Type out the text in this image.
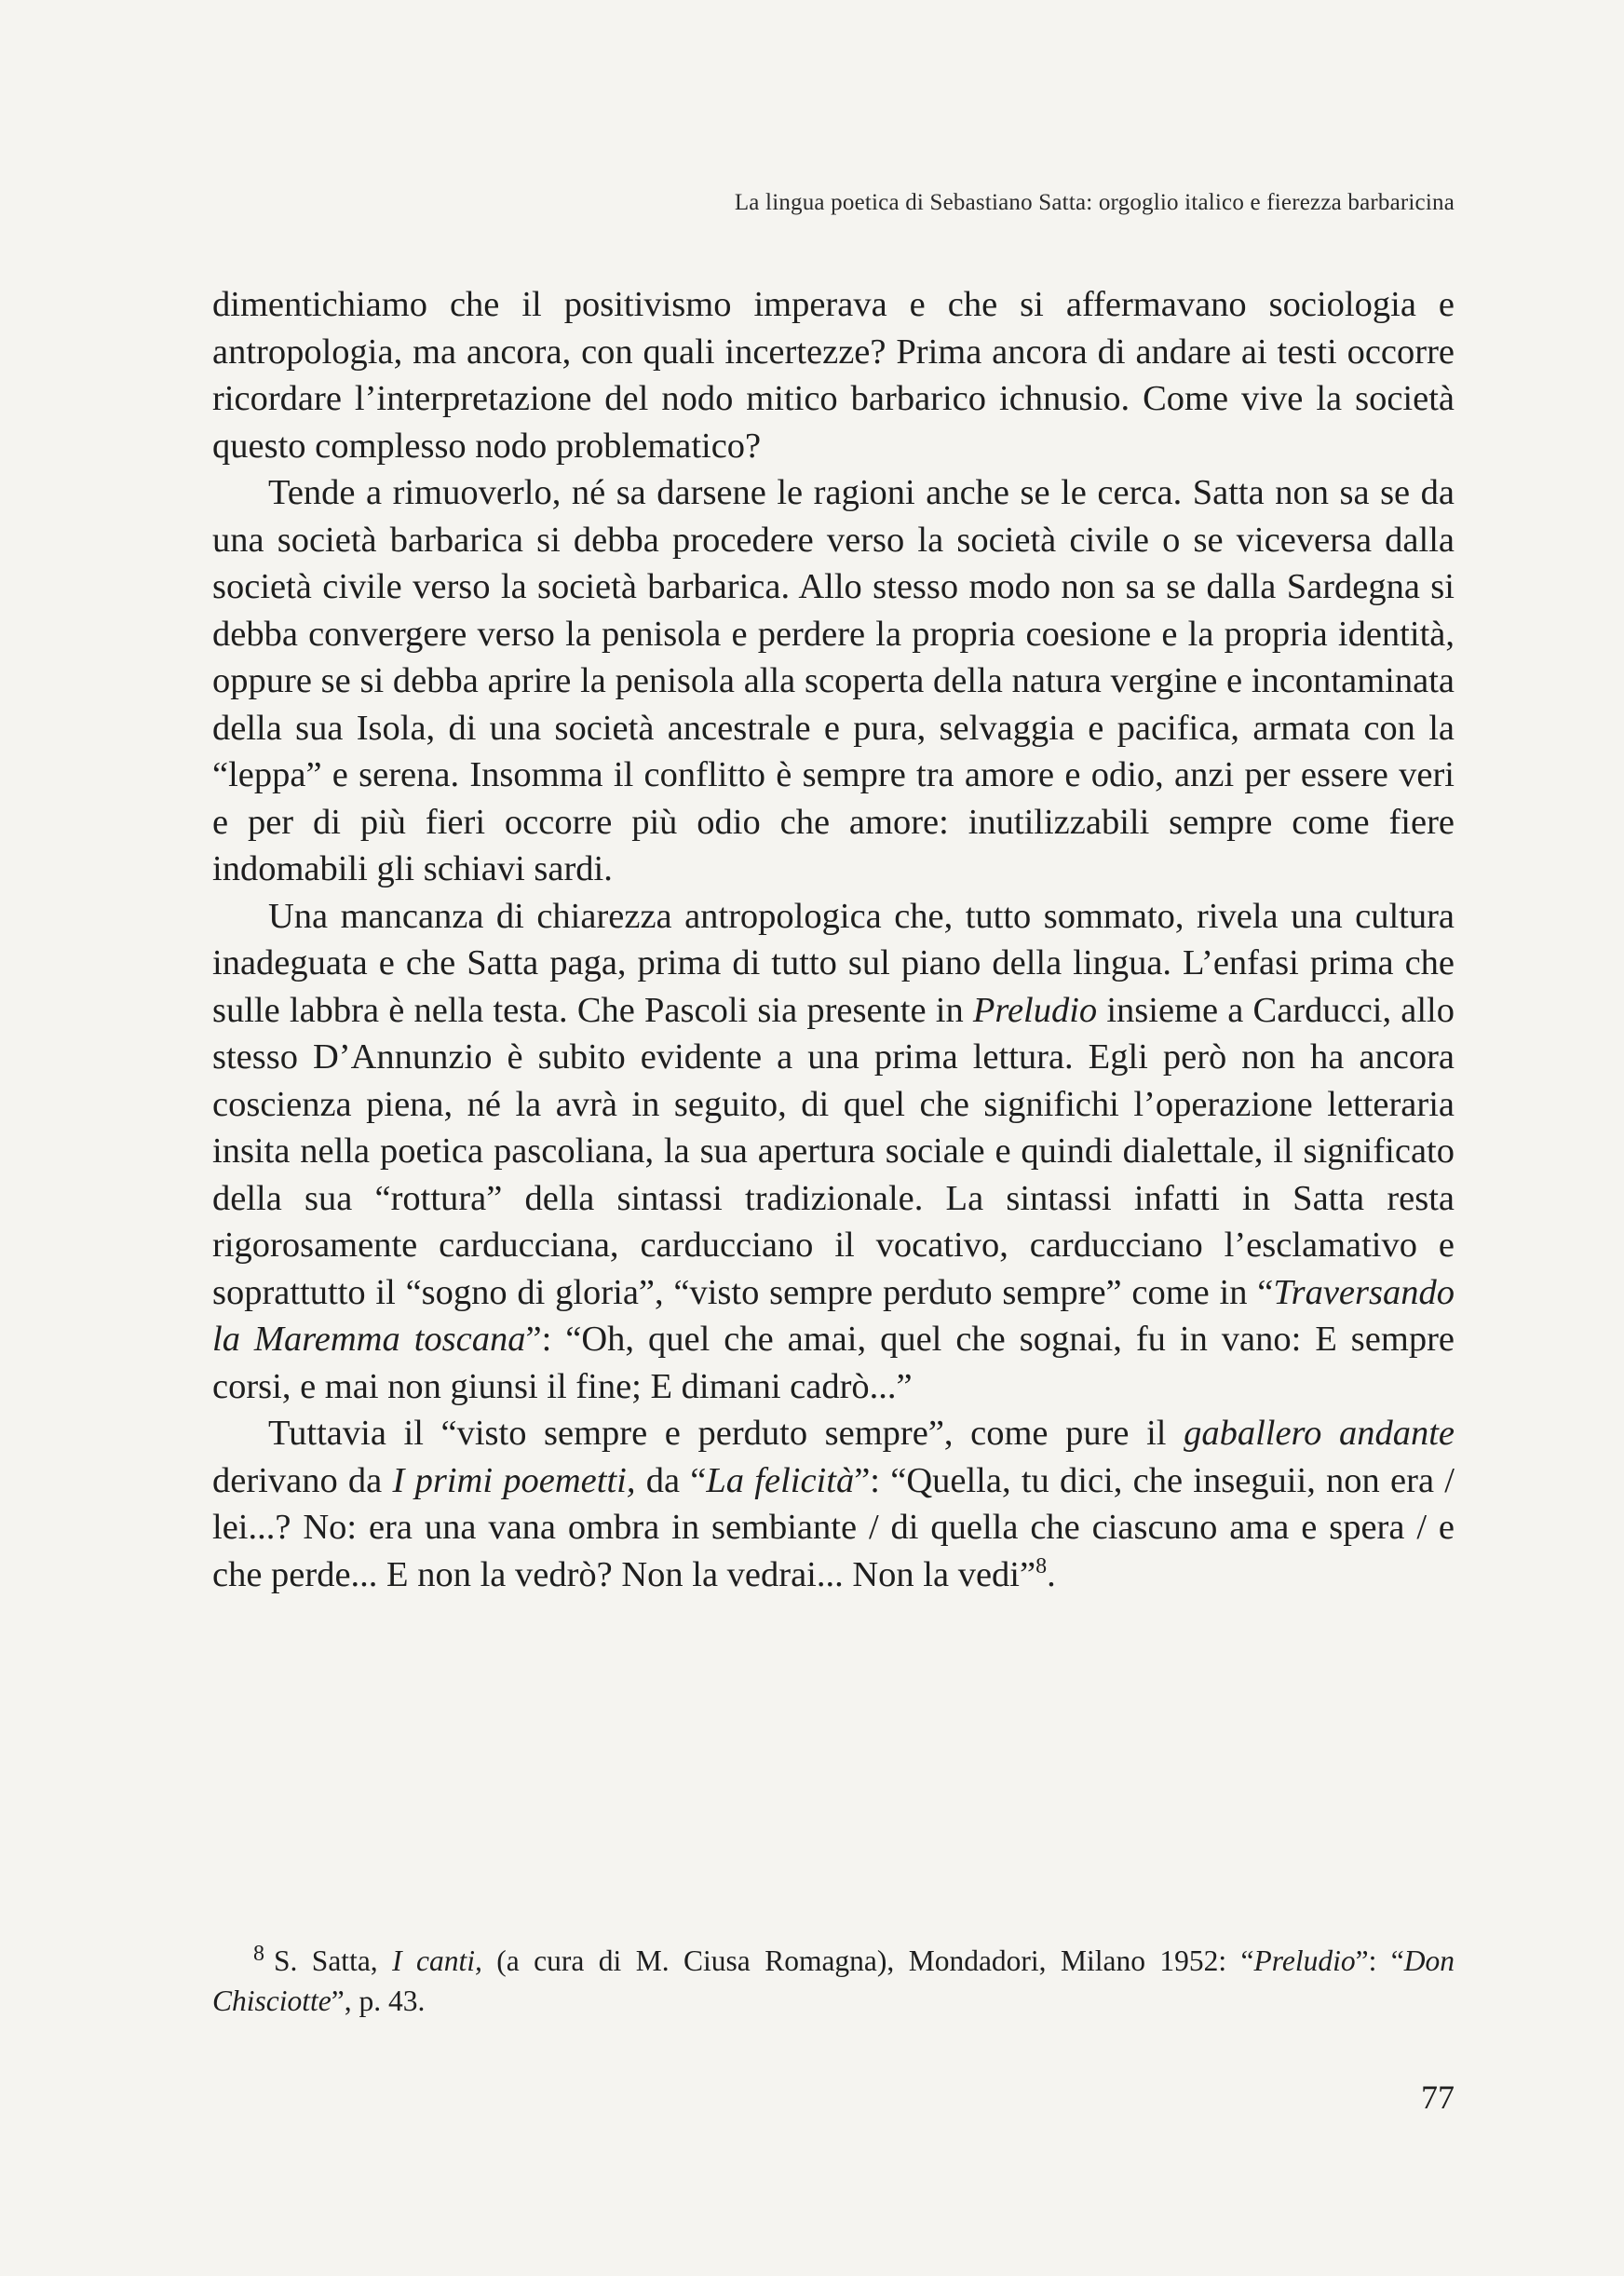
La lingua poetica di Sebastiano Satta: orgoglio italico e fierezza barbaricina

dimentichiamo che il positivismo imperava e che si affermavano sociologia e antropologia, ma ancora, con quali incertezze? Prima ancora di andare ai testi occorre ricordare l’interpretazione del nodo mitico barbarico ichnusio. Come vive la società questo complesso nodo problematico?

Tende a rimuoverlo, né sa darsene le ragioni anche se le cerca. Satta non sa se da una società barbarica si debba procedere verso la società civile o se viceversa dalla società civile verso la società barbarica. Allo stesso modo non sa se dalla Sardegna si debba convergere verso la penisola e perdere la propria coesione e la propria identità, oppure se si debba aprire la penisola alla scoperta della natura vergine e incontaminata della sua Isola, di una società ancestrale e pura, selvaggia e pacifica, armata con la “leppa” e serena. Insomma il conflitto è sempre tra amore e odio, anzi per essere veri e per di più fieri occorre più odio che amore: inutilizzabili sempre come fiere indomabili gli schiavi sardi.

Una mancanza di chiarezza antropologica che, tutto sommato, rivela una cultura inadeguata e che Satta paga, prima di tutto sul piano della lingua. L’enfasi prima che sulle labbra è nella testa. Che Pascoli sia presente in Preludio insieme a Carducci, allo stesso D’Annunzio è subito evidente a una prima lettura. Egli però non ha ancora coscienza piena, né la avrà in seguito, di quel che significhi l’operazione letteraria insita nella poetica pascoliana, la sua apertura sociale e quindi dialettale, il significato della sua “rottura” della sintassi tradizionale. La sintassi infatti in Satta resta rigorosamente carducciana, carducciano il vocativo, carducciano l’esclamativo e soprattutto il “sogno di gloria”, “visto sempre perduto sempre” come in “Traversando la Maremma toscana”: “Oh, quel che amai, quel che sognai, fu in vano: E sempre corsi, e mai non giunsi il fine; E dimani cadrò...”

Tuttavia il “visto sempre e perduto sempre”, come pure il gaballero andante derivano da I primi poemetti, da “La felicità”: “Quella, tu dici, che inseguii, non era / lei...? No: era una vana ombra in sembiante / di quella che ciascuno ama e spera / e che perde... E non la vedrò? Non la vedrai... Non la vedi”$^8$.

$^8$ S. Satta, I canti, (a cura di M. Ciusa Romagna), Mondadori, Milano 1952: “Preludio”: “Don Chisciotte”, p. 43.

77
